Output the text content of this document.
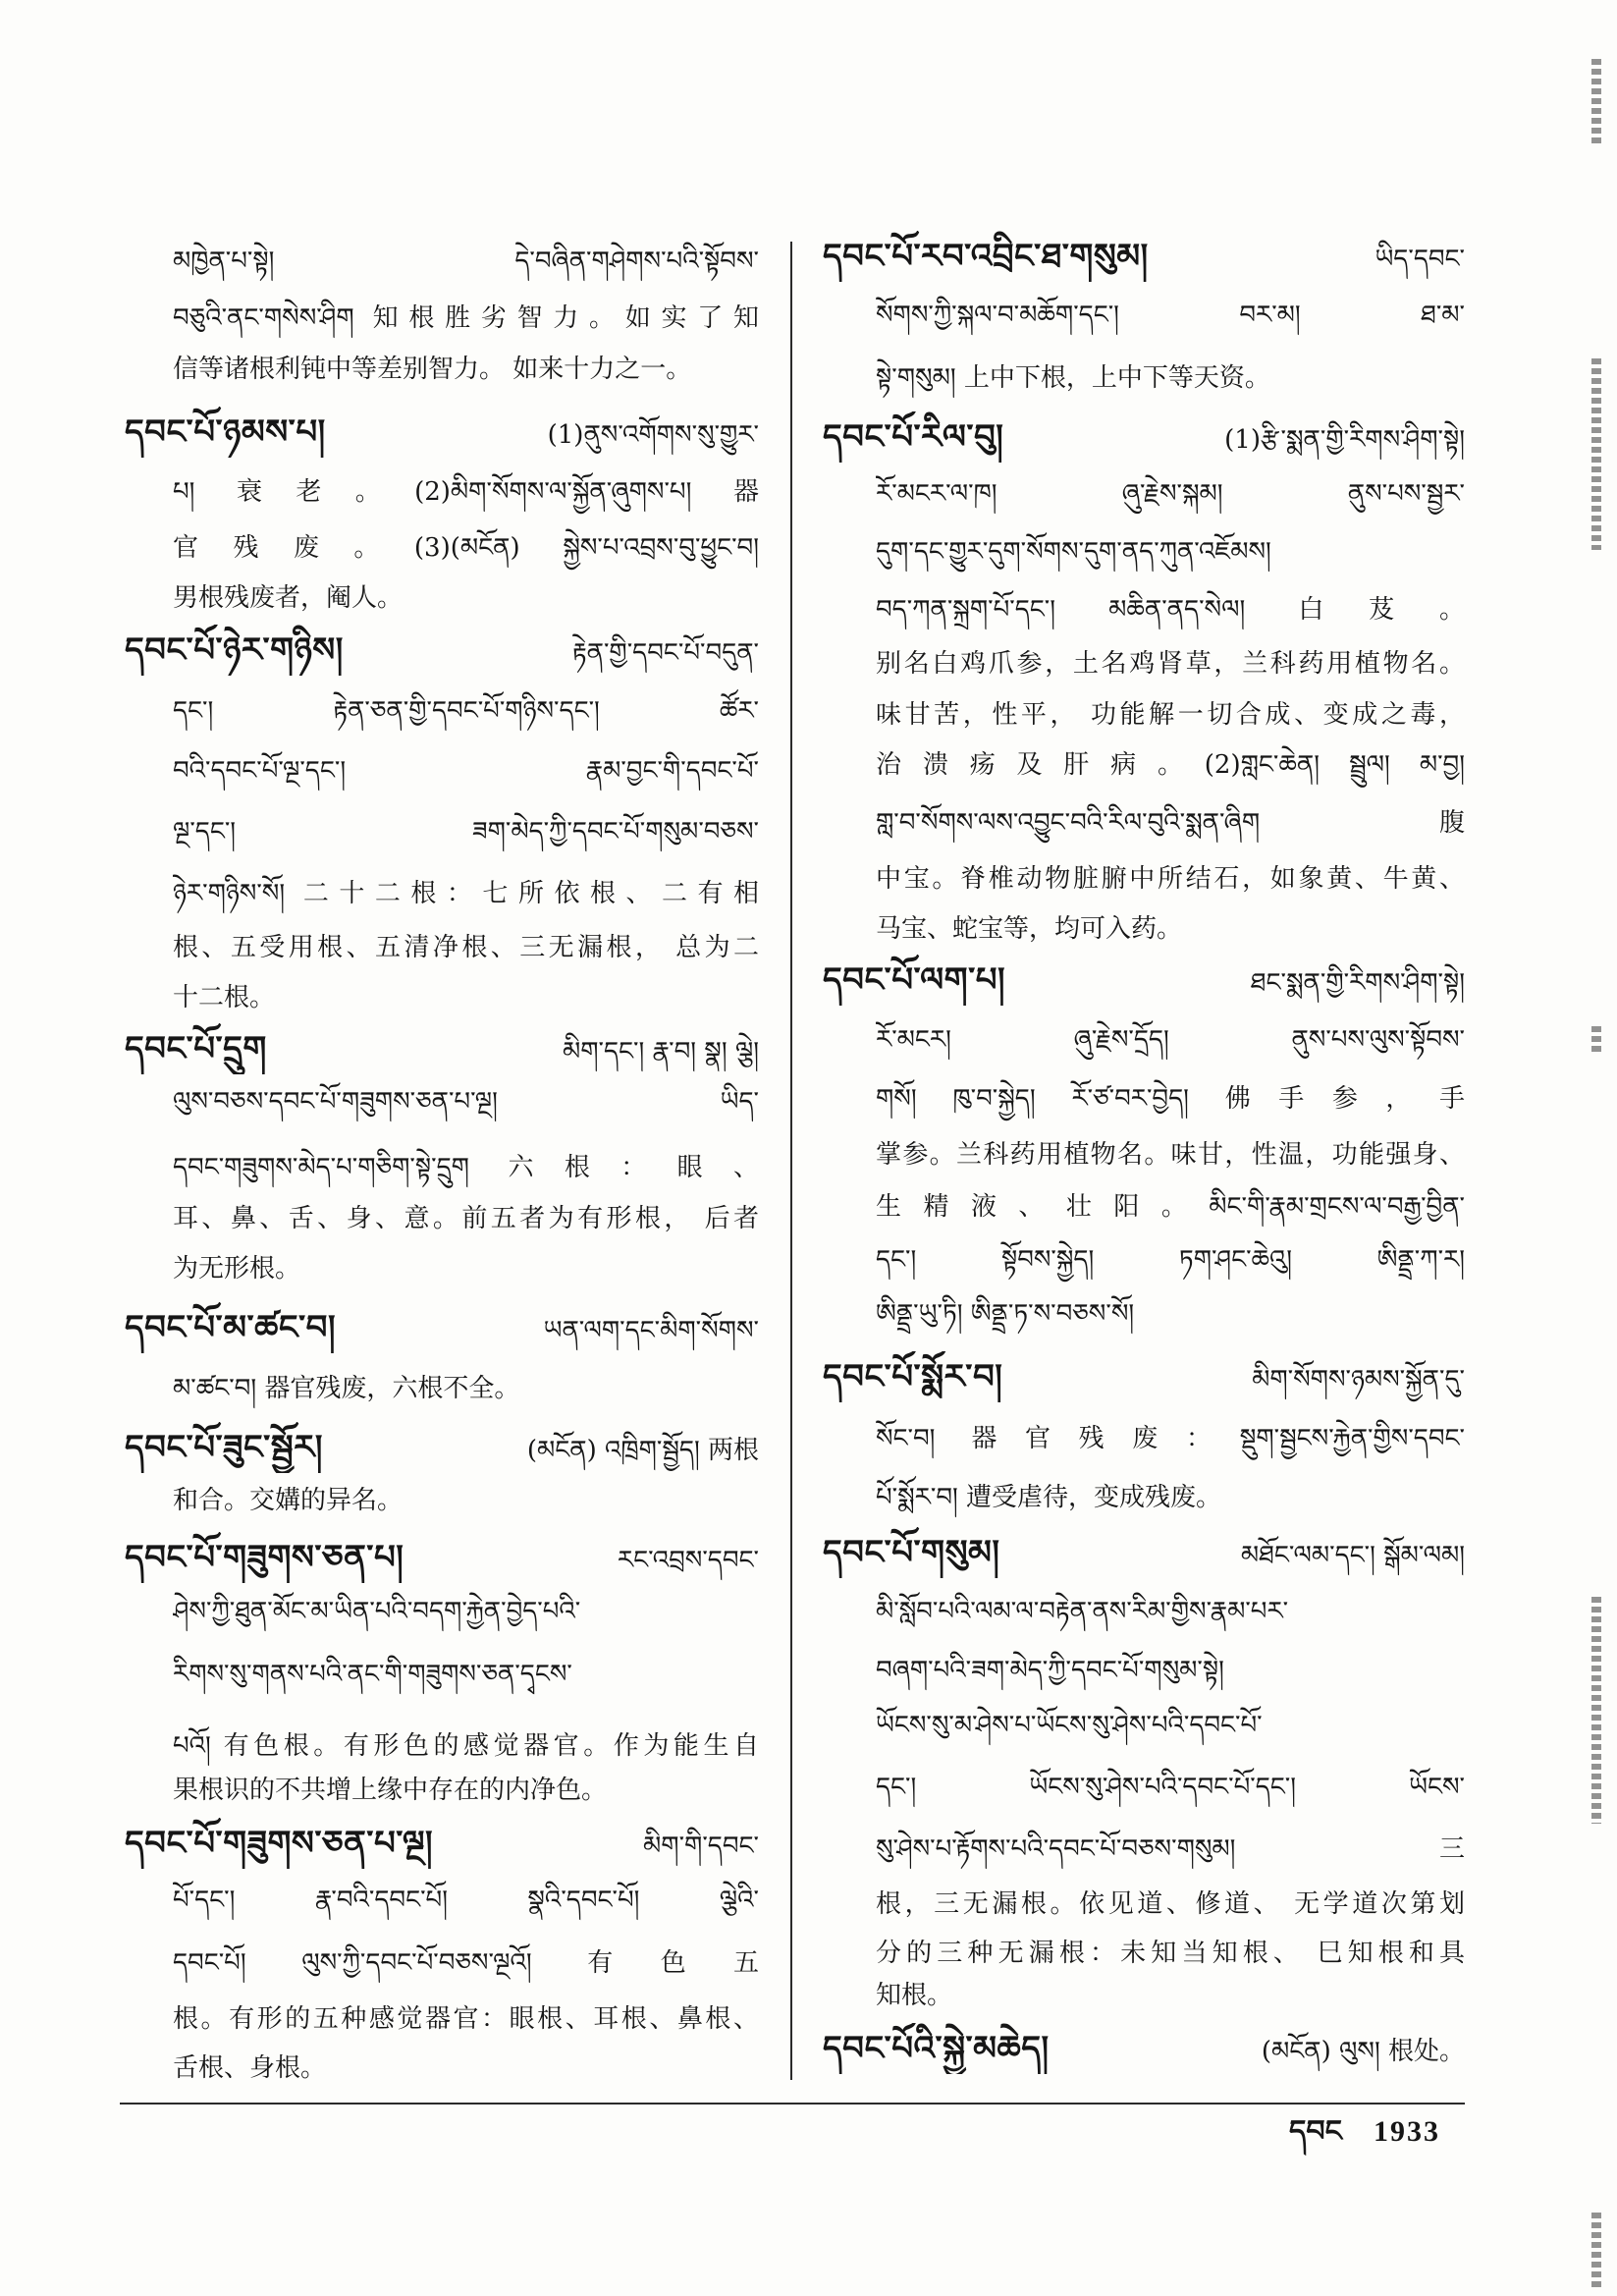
མཁྱེན་པ་སྟེ། དེ་བཞིན་གཤེགས་པའི་སྟོབས་
བཅུའི་ནང་གསེས་ཤིག 知根胜劣智力。如实了知
信等诸根利钝中等差别智力。 如来十力之一。
དབང་པོ་ཉམས་པ།	(1)ནུས་འགོགས་སུ་གྱུར་
པ། 衰老。(2)མིག་སོགས་ལ་སྐྱོན་ཞུགས་པ། 器
官残废。(3)(མངོན) སྐྱེས་པ་འབྲས་བུ་ཕྱུང་བ།
男根残废者，阉人。
དབང་པོ་ཉེར་གཉིས།	རྟེན་གྱི་དབང་པོ་བདུན་
དང་། རྟེན་ཅན་གྱི་དབང་པོ་གཉིས་དང་། ཚོར་
བའི་དབང་པོ་ལྔ་དང་། རྣམ་བྱང་གི་དབང་པོ་
ལྔ་དང་། ཟག་མེད་ཀྱི་དབང་པོ་གསུམ་བཅས་
ཉེར་གཉིས་སོ། 二十二根：七所依根、二有相
根、五受用根、五清净根、三无漏根， 总为二
十二根。
དབང་པོ་དྲུག	མིག་དང་། རྣ་བ། སྣ། ལྕེ།
ལུས་བཅས་དབང་པོ་གཟུགས་ཅན་པ་ལྔ། ཡིད་
དབང་གཟུགས་མེད་པ་གཅིག་སྟེ་དྲུག 六根：眼、
耳、鼻、舌、身、意。前五者为有形根， 后者
为无形根。
དབང་པོ་མ་ཚང་བ།	ཡན་ལག་དང་མིག་སོགས་
མ་ཚང་བ། 器官残废，六根不全。
དབང་པོ་ཟུང་སྦྱོར།	(མངོན) འཁྲིག་སྦྱོད། 两根
和合。交媾的异名。
དབང་པོ་གཟུགས་ཅན་པ།	རང་འབྲས་དབང་
ཤེས་ཀྱི་ཐུན་མོང་མ་ཡིན་པའི་བདག་རྐྱེན་བྱེད་པའི་
རིགས་སུ་གནས་པའི་ནང་གི་གཟུགས་ཅན་དྭངས་
པའོ། 有色根。有形色的感觉器官。作为能生自
果根识的不共增上缘中存在的内净色。
དབང་པོ་གཟུགས་ཅན་པ་ལྔ།	མིག་གི་དབང་
པོ་དང་། རྣ་བའི་དབང་པོ། སྣའི་དབང་པོ། ལྕེའི་
དབང་པོ། ལུས་ཀྱི་དབང་པོ་བཅས་ལྔའོ། 有色五
根。有形的五种感觉器官：眼根、耳根、鼻根、
舌根、身根。
དབང་པོ་རབ་འབྲིང་ཐ་གསུམ།	ཡིད་དབང་
སོགས་ཀྱི་སྐལ་བ་མཆོག་དང་། བར་མ། ཐ་མ་
སྟེ་གསུམ། 上中下根，上中下等天资。
དབང་པོ་རིལ་བུ།	(1)རྩི་སྨན་གྱི་རིགས་ཤིག་སྟེ།
རོ་མངར་ལ་ཁ། ཞུ་རྗེས་སྐམ། ནུས་པས་སྦྱར་
དུག་དང་གྱུར་དུག་སོགས་དུག་ནད་ཀུན་འཇོམས།
བད་ཀན་སྐྲག་པོ་དང་། མཆིན་ནད་སེལ། 白芨。
别名白鸡爪参，土名鸡肾草，兰科药用植物名。
味甘苦，性平， 功能解一切合成、变成之毒，
治溃疡及肝病。(2)གླང་ཆེན། སྦྲུལ། མ་བྱ།
གླ་བ་སོགས་ལས་འབྱུང་བའི་རིལ་བུའི་སྨན་ཞིག 腹
中宝。脊椎动物脏腑中所结石，如象黄、牛黄、
马宝、蛇宝等，均可入药。
དབང་པོ་ལག་པ།	ཐང་སྨན་གྱི་རིགས་ཤིག་སྟེ།
རོ་མངར། ཞུ་རྗེས་དྲོད། ནུས་པས་ལུས་སྟོབས་
གསོ། ཁུ་བ་སྐྱེད། རོ་ཙ་བར་བྱེད། 佛手参，手
掌参。兰科药用植物名。味甘，性温，功能强身、
生精液、壮阳。མིང་གི་རྣམ་གྲངས་ལ་བརྒྱ་བྱིན་
དང་། སྟོབས་སྐྱེད། ཏག་ཤང་ཆེའུ། ཨིནྡྲ་ཀ་ར།
ཨིནྡྲ་ཡུ་ཏི། ཨིནྡྲ་ཏ་ས་བཅས་སོ།
དབང་པོ་སྨོར་བ།	མིག་སོགས་ཉམས་སྐྱོན་དུ་
སོང་བ། 器官残废：སྡུག་སྦྱངས་རྐྱེན་གྱིས་དབང་
པོ་སྨོར་བ། 遭受虐待，变成残废。
དབང་པོ་གསུམ།	མཐོང་ལམ་དང་། སྒོམ་ལམ།
མི་སློབ་པའི་ལམ་ལ་བརྟེན་ནས་རིམ་གྱིས་རྣམ་པར་
བཞག་པའི་ཟག་མེད་ཀྱི་དབང་པོ་གསུམ་སྟེ།
ཡོངས་སུ་མ་ཤེས་པ་ཡོངས་སུ་ཤེས་པའི་དབང་པོ་
དང་། ཡོངས་སུ་ཤེས་པའི་དབང་པོ་དང་། ཡོངས་
སུ་ཤེས་པ་རྟོགས་པའི་དབང་པོ་བཅས་གསུམ། 三
根，三无漏根。依见道、修道、 无学道次第划
分的三种无漏根：未知当知根、 巳知根和具
知根。
དབང་པོའི་སྐྱེ་མཆེད།	(མངོན) ལུས། 根处。
དབང	1933
